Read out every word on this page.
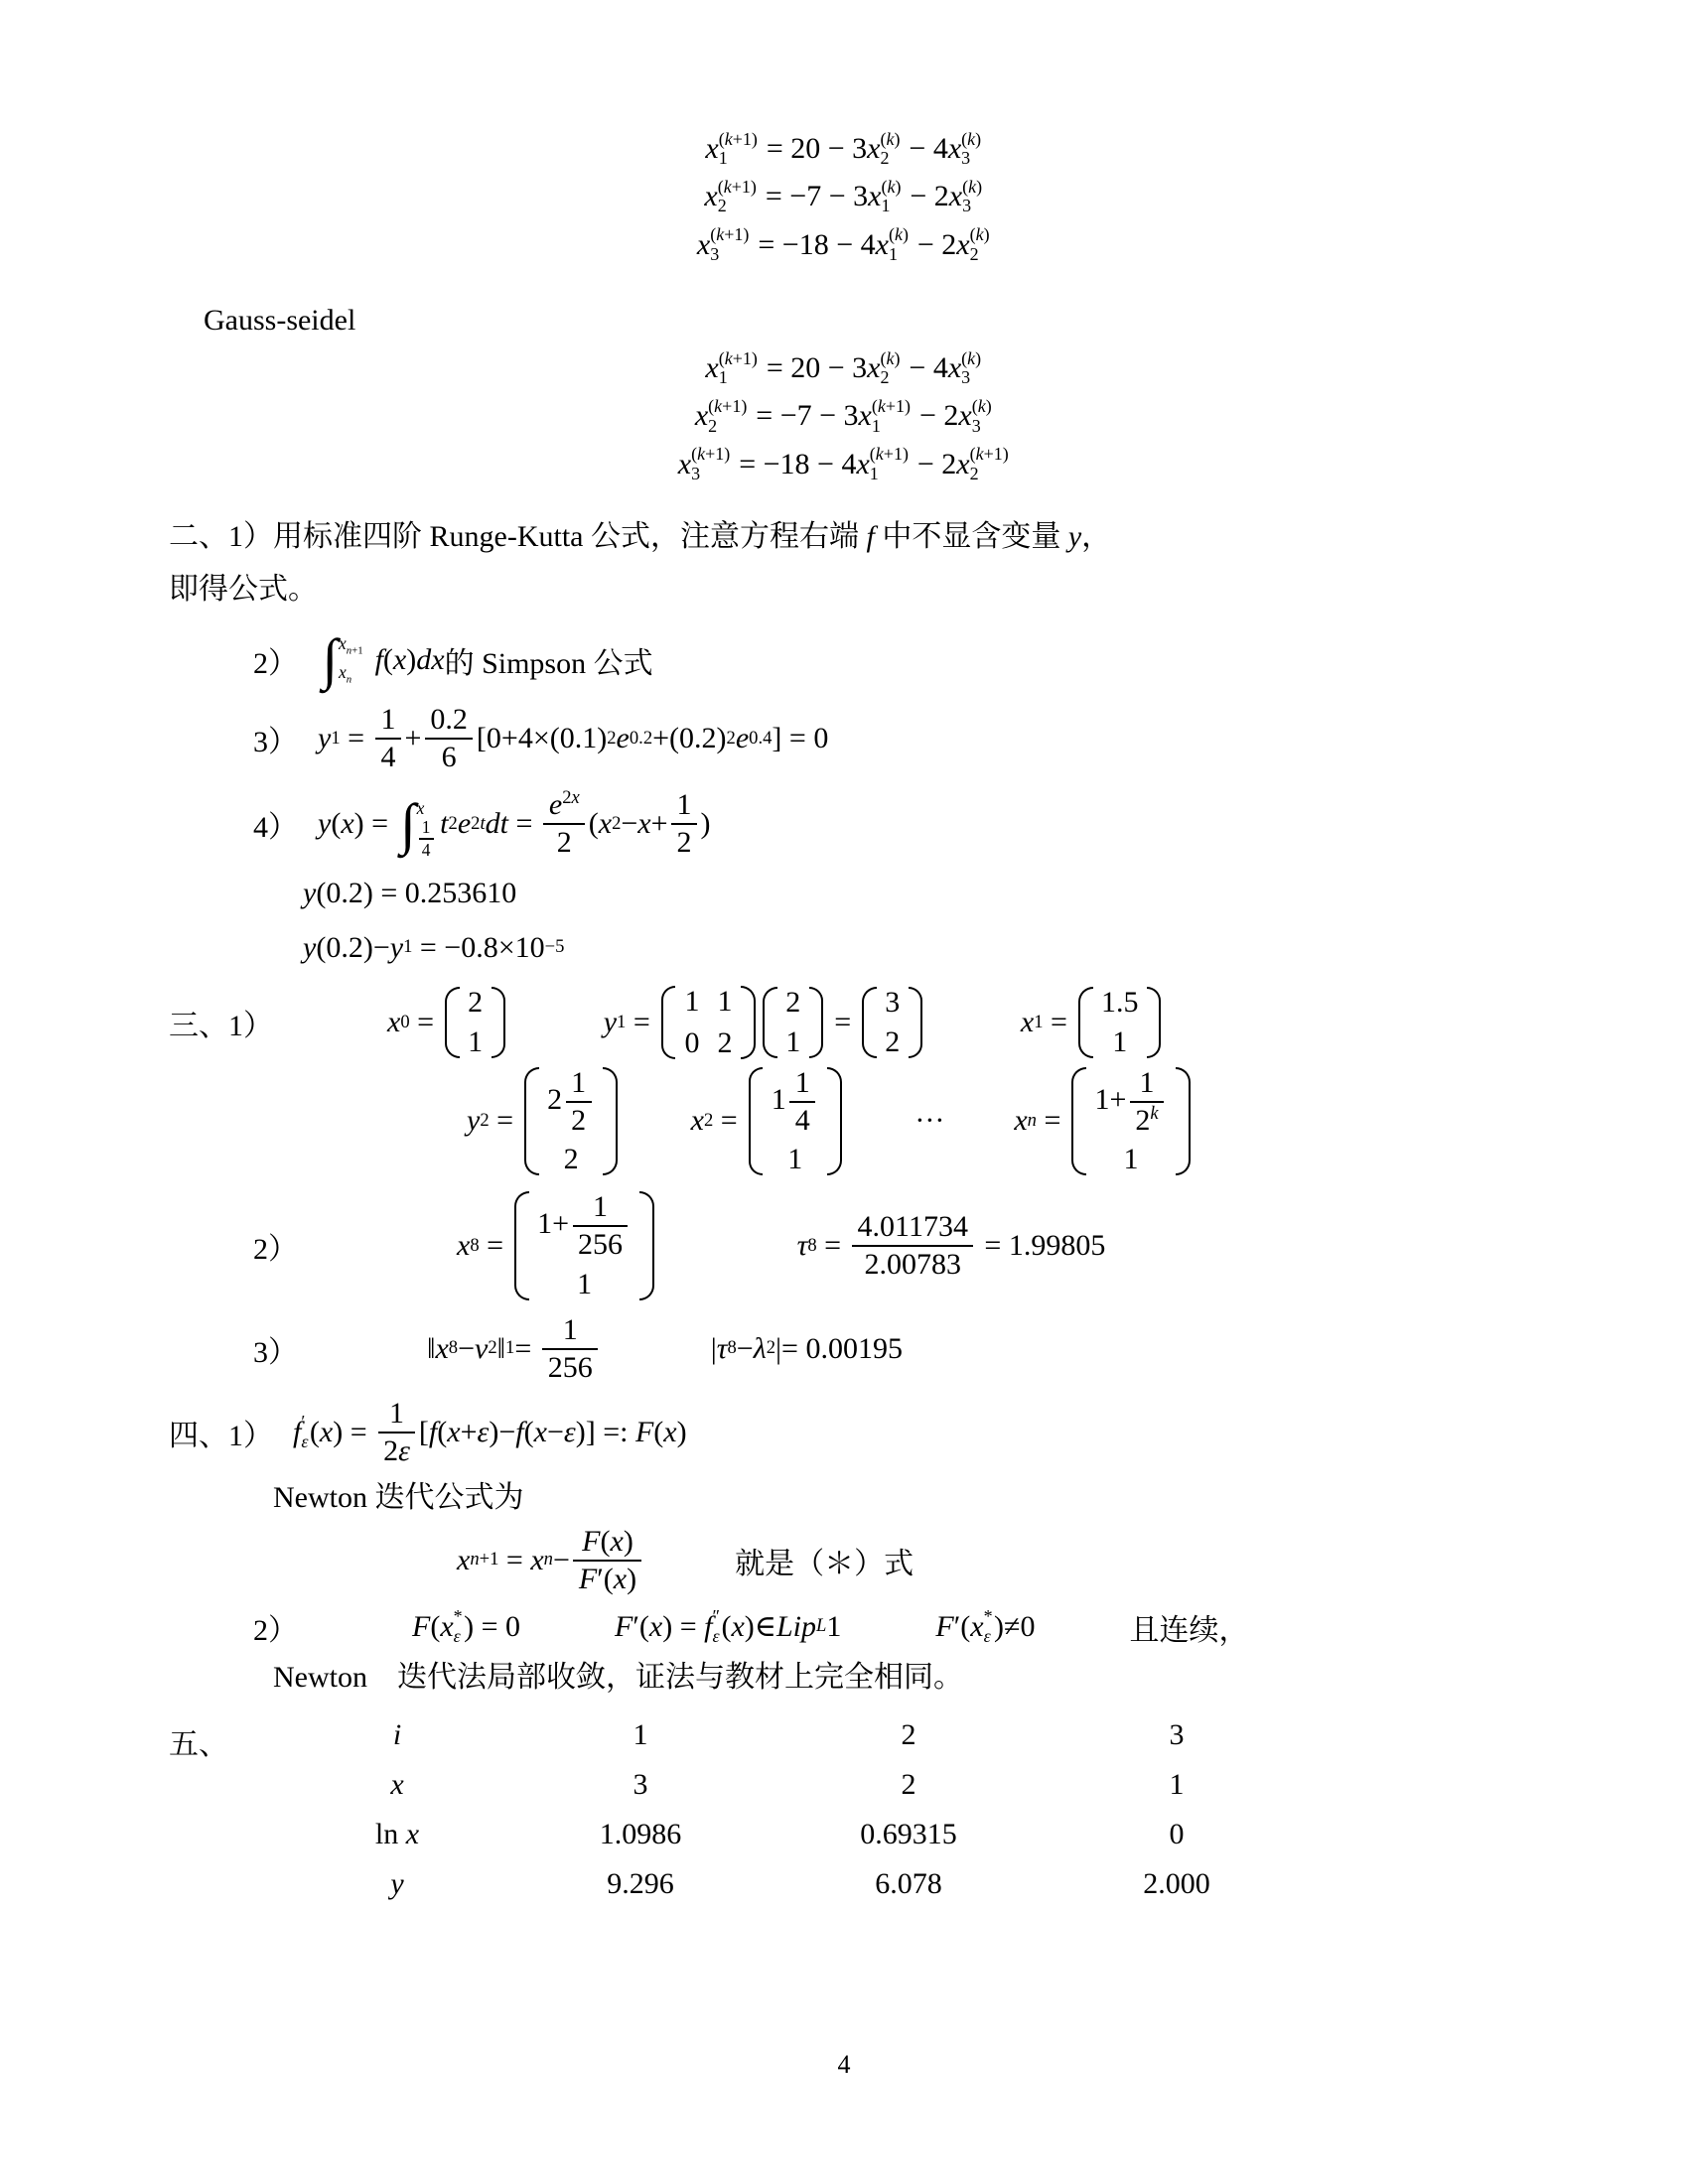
x (k+1)
1
	=
2 0
−
3 x (k)
2
−
4 x (k)
3
x (k+1)
2
	=
− 7
−
3 x (k)
1
−
2 x (k)
3
x (k+1)
3
	=
− 1 8
−
4 x (k)
1
−
2 x (k)
2
Gauss-seidel
x (k+1)
1
	=
2 0
−
3 x (k)
2
−
4 x (k)
3
x (k+1)
2
	=
− 7
−
3 x (k+1)
1
	−
2 x (k)
3
x (k+1)
3
	=
− 1 8
−
4 x (k+1)
1
	−
2 x (k+1)
2
二 、 1 ） 用 标 准 四 阶
Runge-Kutta
公 式 ， 注 意 方 程 右 端
f
中 不 显 含 变 量
y ，
即得公式。
2） ∫ $x_{n+1}$
$x_n$

f ( x ) d x 的 Simpson 公式
3） y 1
=
$\frac{1}{4} + \frac{0.2}{6}$ [ 0 + 4 × ( 0 . 1 ) 2 e 0.2 + ( 0 . 2 ) 2 e 0.4 ]
=
0
4） y ( x )
=
∫ x
$\frac{1}{4}$ t 2 e 2t d t
=
$\frac{e^{2x}}{2}$ ( x $2 - x + \frac{1}{2}$ )
y ( 0 . 2 )
=
0 . 2 5 3 6 1 0
y ( 0 . 2 ) − y 1
=
− 0 . 8 × 1 0 −5
三、1）	x 0
=

2
1
y 1
=

1 1
0 2
2
1

=

3
2
x 1
=

1.5
1
y 2
=

$2 \frac{1}{2}$
2
x 2
=

$1 \frac{1}{4}$
1
· · · x n
=

$1+ \frac{1}{2^k}$
1
2）	x 8
=

$1+ \frac{1}{256}$
1
τ 8
=
$\frac{4.011734}{2.00783}$
=
1 . 9 9 8 0 5
3）	‖ x 8 − v 2 ‖ 1 =
$\frac{1}{256}$	| τ 8 − λ 2 | =
0 . 0 0 1 9 5
四、1） f ′
ε ( x )
=
$\frac{1}{2\varepsilon}$ [ f ( x + ε ) − f ( x − ε ) ]
= :
F ( x )
Newton 迭代公式为
x n+1
=
x $n - \frac{F(x)}{F'(x)}$	就是（＊）式
2）	F ( x *
ε )
=
0	F ′ ( x )
=
f ″
ε ( x ) ∈ L i p L 1	F ′ ( x *
ε ) ≠ 0	且连续，
Newton　迭代法局部收敛，证法与教材上完全相同。
五、	i	1	2	3
x	3	2	1
ln
x	1.0986	0.69315	0
y	9.296	6.078	2.000
4
